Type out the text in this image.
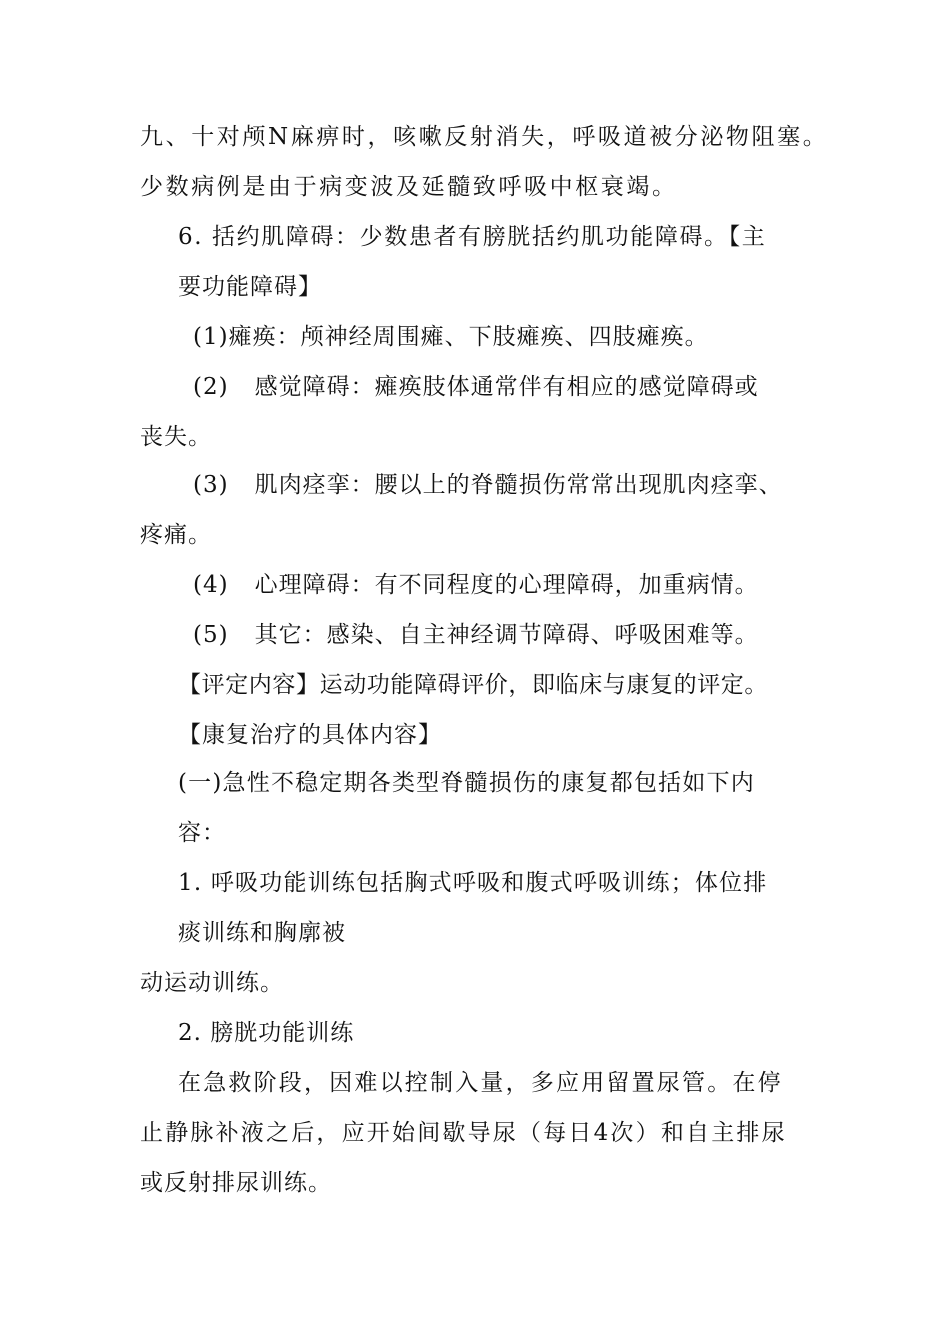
九、十对颅N麻痹时，咳嗽反射消失，呼吸道被分泌物阻塞。
少数病例是由于病变波及延髓致呼吸中枢衰竭。
6. 括约肌障碍：少数患者有膀胱括约肌功能障碍。【主
要功能障碍】
(1)瘫痪：颅神经周围瘫、下肢瘫痪、四肢瘫痪。
(2) 感觉障碍：瘫痪肢体通常伴有相应的感觉障碍或
丧失。
(3) 肌肉痉挛：腰以上的脊髓损伤常常出现肌肉痉挛、
疼痛。
(4) 心理障碍：有不同程度的心理障碍，加重病情。
(5) 其它：感染、自主神经调节障碍、呼吸困难等。
【评定内容】运动功能障碍评价，即临床与康复的评定。
【康复治疗的具体内容】
(一)急性不稳定期各类型脊髓损伤的康复都包括如下内
容：
1. 呼吸功能训练包括胸式呼吸和腹式呼吸训练；体位排
痰训练和胸廓被
动运动训练。
2. 膀胱功能训练
在急救阶段，因难以控制入量，多应用留置尿管。在停
止静脉补液之后，应开始间歇导尿（每日4次）和自主排尿
或反射排尿训练。
